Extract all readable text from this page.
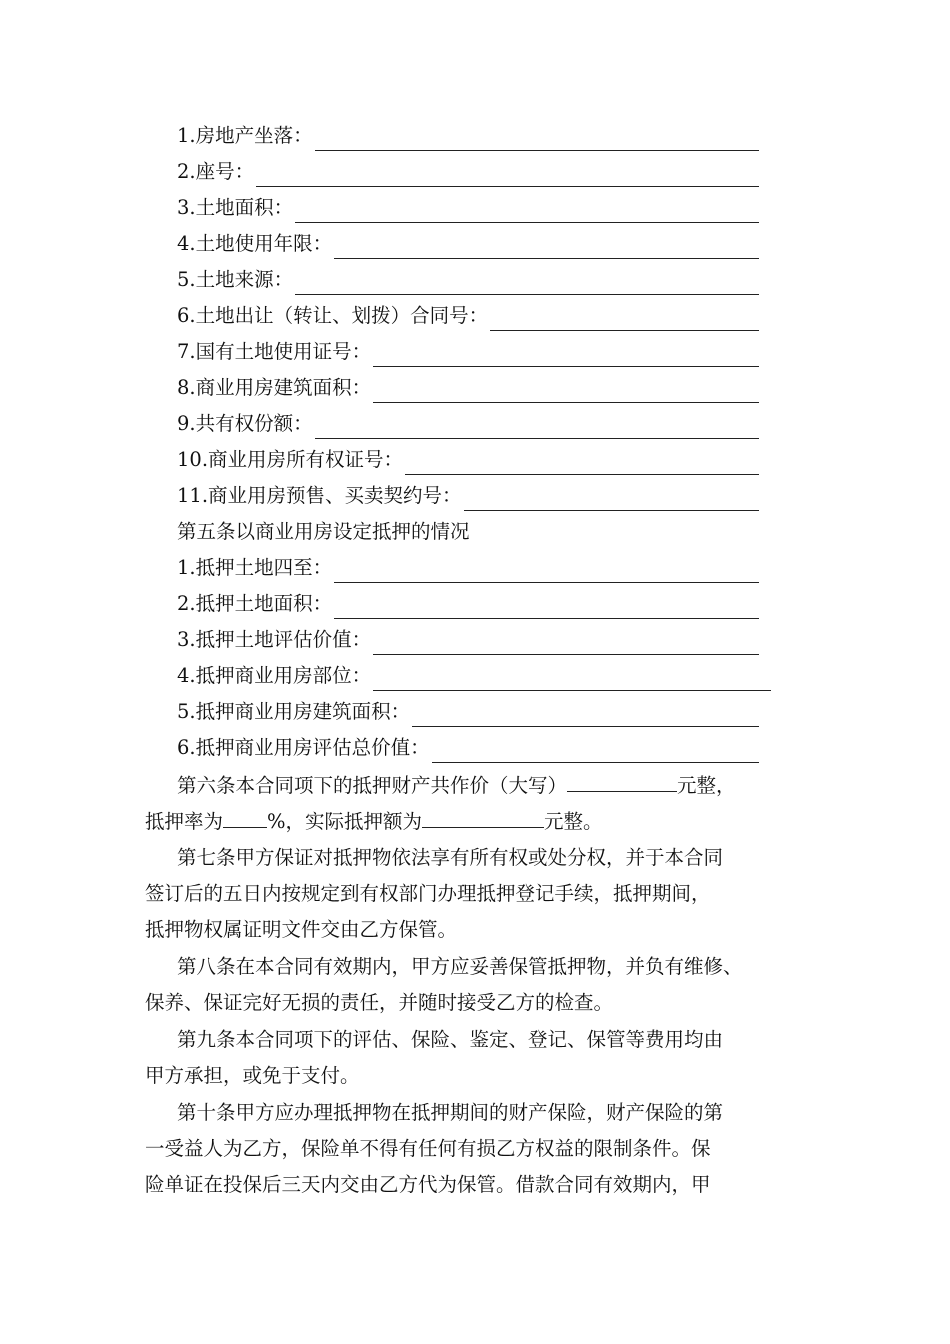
1.房地产坐落：
2.座号：
3.土地面积：
4.土地使用年限：
5.土地来源：
6.土地出让（转让、划拨）合同号：
7.国有土地使用证号：
8.商业用房建筑面积：
9.共有权份额：
10.商业用房所有权证号：
11.商业用房预售、买卖契约号：
第五条以商业用房设定抵押的情况
1.抵押土地四至：
2.抵押土地面积：
3.抵押土地评估价值：
4.抵押商业用房部位：
5.抵押商业用房建筑面积：
6.抵押商业用房评估总价值：
第六条本合同项下的抵押财产共作价（大写）	元整，
抵押率为 %，实际抵押额为	元整。
第七条甲方保证对抵押物依法享有所有权或处分权，并于本合同
签订后的五日内按规定到有权部门办理抵押登记手续，抵押期间，
抵押物权属证明文件交由乙方保管。
第八条在本合同有效期内，甲方应妥善保管抵押物，并负有维修、
保养、保证完好无损的责任，并随时接受乙方的检查。
第九条本合同项下的评估、保险、鉴定、登记、保管等费用均由
甲方承担，或免于支付。
第十条甲方应办理抵押物在抵押期间的财产保险，财产保险的第
一受益人为乙方，保险单不得有任何有损乙方权益的限制条件。保
险单证在投保后三天内交由乙方代为保管。借款合同有效期内，甲
